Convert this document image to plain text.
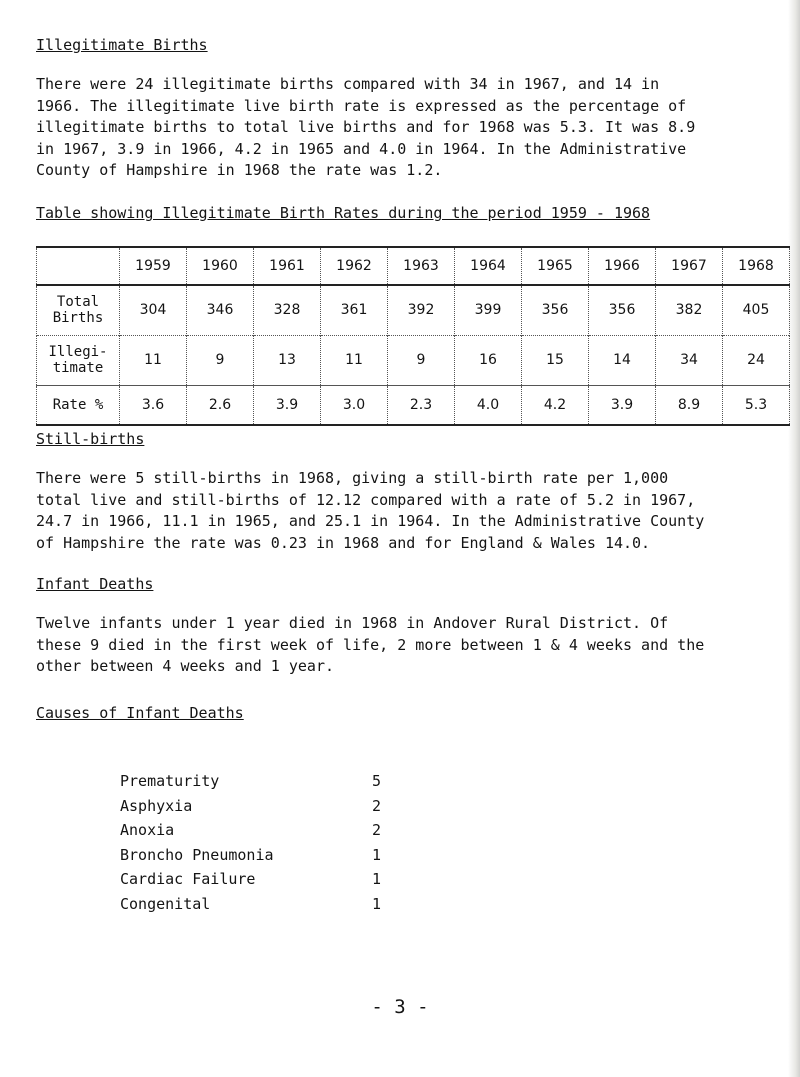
Illegitimate Births
There were 24 illegitimate births compared with 34 in 1967, and 14 in
1966. The illegitimate live birth rate is expressed as the percentage of
illegitimate births to total live births and for 1968 was 5.3. It was 8.9
in 1967, 3.9 in 1966, 4.2 in 1965 and 4.0 in 1964. In the Administrative
County of Hampshire in 1968 the rate was 1.2.
Table showing Illegitimate Birth Rates during the period 1959 - 1968
	1959	1960	1961	1962	1963	1964	1965	1966	1967	1968
Total
Births	304	346	328	361	392	399	356	356	382	405
Illegi-
timate	11	9	13	11	9	16	15	14	34	24
Rate %	3.6	2.6	3.9	3.0	2.3	4.0	4.2	3.9	8.9	5.3
Still-births
There were 5 still-births in 1968, giving a still-birth rate per 1,000
total live and still-births of 12.12 compared with a rate of 5.2 in 1967,
24.7 in 1966, 11.1 in 1965, and 25.1 in 1964. In the Administrative County
of Hampshire the rate was 0.23 in 1968 and for England & Wales 14.0.
Infant Deaths
Twelve infants under 1 year died in 1968 in Andover Rural District. Of
these 9 died in the first week of life, 2 more between 1 & 4 weeks and the
other between 4 weeks and 1 year.
Causes of Infant Deaths
Prematurity	5
Asphyxia	2
Anoxia	2
Broncho Pneumonia	1
Cardiac Failure	1
Congenital	1
- 3 -
